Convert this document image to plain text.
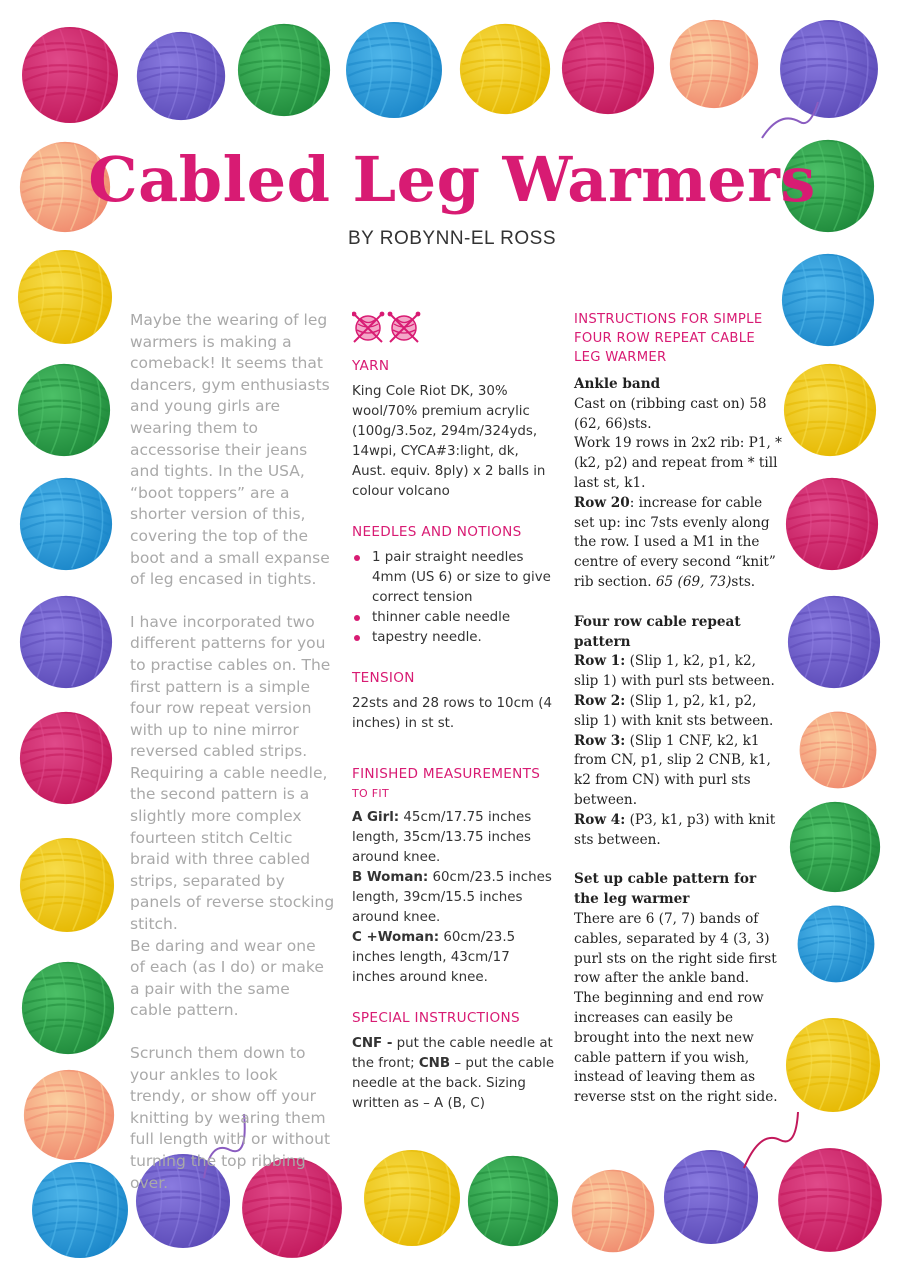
Cabled Leg Warmers
BY ROBYNN-EL ROSS

Maybe the wearing of leg warmers is making a comeback! It seems that dancers, gym enthusiasts and young girls are wearing them to accessorise their jeans and tights. In the USA, “boot toppers” are a shorter version of this, covering the top of the boot and a small expanse of leg encased in tights.

I have incorporated two different patterns for you to practise cables on. The first pattern is a simple four row repeat version with up to nine mirror reversed cabled strips. Requiring a cable needle, the second pattern is a slightly more complex fourteen stitch Celtic braid with three cabled strips, separated by panels of reverse stocking stitch.

Be daring and wear one of each (as I do) or make a pair with the same cable pattern.

Scrunch them down to your ankles to look trendy, or show off your knitting by wearing them full length with or without turning the top ribbing over.

YARN

King Cole Riot DK, 30% wool/70% premium acrylic (100g/3.5oz, 294m/324yds, 14wpi, CYCA#3:light, dk, Aust. equiv. 8ply) x 2 balls in colour volcano

NEEDLES AND NOTIONS
1 pair straight needles 4mm (US 6) or size to give correct tension
thinner cable needle
tapestry needle.
TENSION

22sts and 28 rows to 10cm (4 inches) in st st.

FINISHED MEASUREMENTS
TO FIT

A Girl: 45cm/17.75 inches length, 35cm/13.75 inches around knee.

B Woman: 60cm/23.5 inches length, 39cm/15.5 inches around knee.

C +Woman: 60cm/23.5 inches length, 43cm/17 inches around knee.

SPECIAL INSTRUCTIONS

CNF - put the cable needle at the front; CNB – put the cable needle at the back. Sizing written as – A (B, C)

INSTRUCTIONS FOR SIMPLE FOUR ROW REPEAT CABLE LEG WARMER

Ankle band

Cast on (ribbing cast on) 58 (62, 66)sts.

Work 19 rows in 2x2 rib: P1, *(k2, p2) and repeat from * till last st, k1.

Row 20: increase for cable set up: inc 7sts evenly along the row. I used a M1 in the centre of every second “knit” rib section. 65 (69, 73)sts.

Four row cable repeat pattern

Row 1: (Slip 1, k2, p1, k2, slip 1) with purl sts between.

Row 2: (Slip 1, p2, k1, p2, slip 1) with knit sts between.

Row 3: (Slip 1 CNF, k2, k1 from CN, p1, slip 2 CNB, k1, k2 from CN) with purl sts between.

Row 4: (P3, k1, p3) with knit sts between.

Set up cable pattern for the leg warmer

There are 6 (7, 7) bands of cables, separated by 4 (3, 3) purl sts on the right side first row after the ankle band.

The beginning and end row increases can easily be brought into the next new cable pattern if you wish, instead of leaving them as reverse stst on the right side.
